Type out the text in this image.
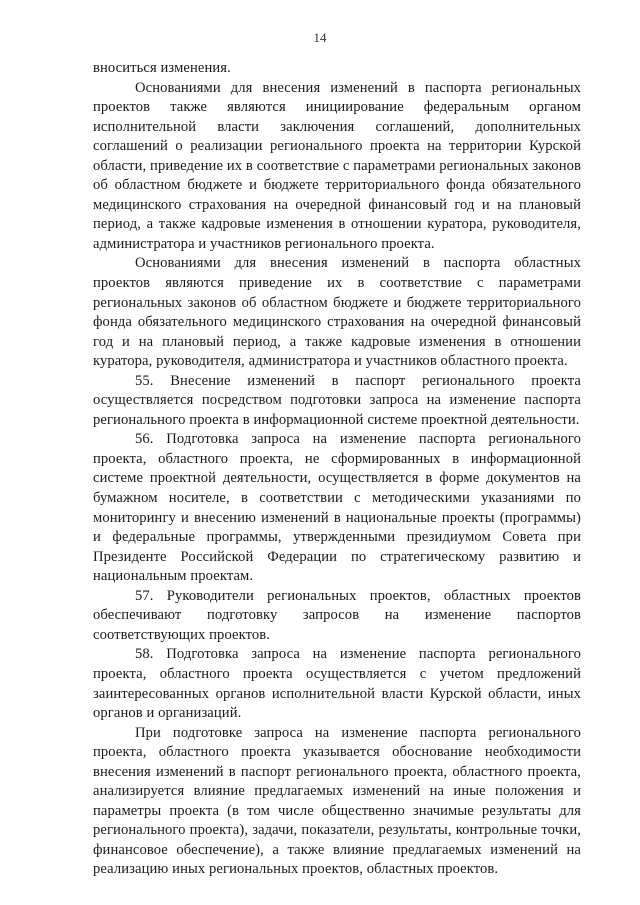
14

вноситься изменения.

Основаниями для внесения изменений в паспорта региональных проектов также являются инициирование федеральным органом исполнительной власти заключения соглашений, дополнительных соглашений о реализации регионального проекта на территории Курской области, приведение их в соответствие с параметрами региональных законов об областном бюджете и бюджете территориального фонда обязательного медицинского страхования на очередной финансовый год и на плановый период, а также кадровые изменения в отношении куратора, руководителя, администратора и участников регионального проекта.

Основаниями для внесения изменений в паспорта областных проектов являются приведение их в соответствие с параметрами региональных законов об областном бюджете и бюджете территориального фонда обязательного медицинского страхования на очередной финансовый год и на плановый период, а также кадровые изменения в отношении куратора, руководителя, администратора и участников областного проекта.

55. Внесение изменений в паспорт регионального проекта осуществляется посредством подготовки запроса на изменение паспорта регионального проекта в информационной системе проектной деятельности.

56. Подготовка запроса на изменение паспорта регионального проекта, областного проекта, не сформированных в информационной системе проектной деятельности, осуществляется в форме документов на бумажном носителе, в соответствии с методическими указаниями по мониторингу и внесению изменений в национальные проекты (программы) и федеральные программы, утвержденными президиумом Совета при Президенте Российской Федерации по стратегическому развитию и национальным проектам.

57. Руководители региональных проектов, областных проектов обеспечивают подготовку запросов на изменение паспортов соответствующих проектов.

58. Подготовка запроса на изменение паспорта регионального проекта, областного проекта осуществляется с учетом предложений заинтересованных органов исполнительной власти Курской области, иных органов и организаций.

При подготовке запроса на изменение паспорта регионального проекта, областного проекта указывается обоснование необходимости внесения изменений в паспорт регионального проекта, областного проекта, анализируется влияние предлагаемых изменений на иные положения и параметры проекта (в том числе общественно значимые результаты для регионального проекта), задачи, показатели, результаты, контрольные точки, финансовое обеспечение), а также влияние предлагаемых изменений на реализацию иных региональных проектов, областных проектов.
